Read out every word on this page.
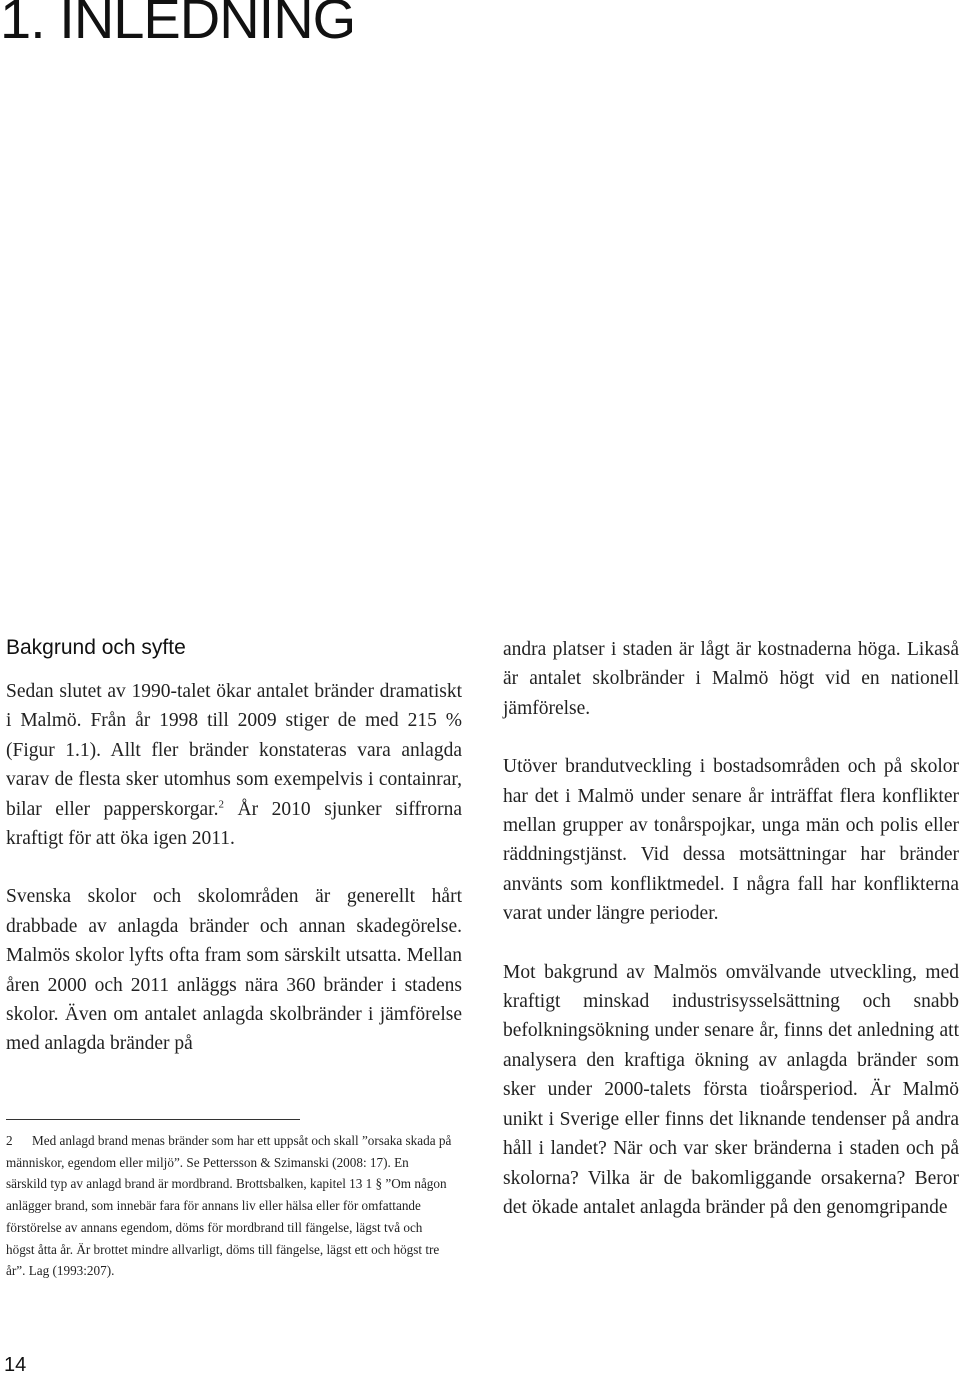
1. INLEDNING
Bakgrund och syfte

Sedan slutet av 1990-talet ökar antalet bränder dramatiskt i Malmö. Från år 1998 till 2009 stiger de med 215 % (Figur 1.1). Allt fler bränder konstateras vara anlagda varav de flesta sker utomhus som exempelvis i containrar, bilar eller papperskorgar.$^2$ År 2010 sjunker siffrorna kraftigt för att öka igen 2011.

Svenska skolor och skolområden är generellt hårt drabbade av anlagda bränder och annan skadegörelse. Malmös skolor lyfts ofta fram som särskilt utsatta. Mellan åren 2000 och 2011 anläggs nära 360 bränder i stadens skolor. Även om antalet anlagda skolbränder i jämförelse med anlagda bränder på

2 Med anlagd brand menas bränder som har ett uppsåt och skall ”orsaka skada på människor, egendom eller miljö”. Se Pettersson & Szimanski (2008: 17). En särskild typ av anlagd brand är mordbrand. Brottsbalken, kapitel 13 1 § ”Om någon anlägger brand, som innebär fara för annans liv eller hälsa eller för omfattande förstörelse av annans egendom, döms för mordbrand till fängelse, lägst två och högst åtta år. Är brottet mindre allvarligt, döms till fängelse, lägst ett och högst tre år”. Lag (1993:207).

andra platser i staden är lågt är kostnaderna höga. Likaså är antalet skolbränder i Malmö högt vid en nationell jämförelse.

Utöver brandutveckling i bostadsområden och på skolor har det i Malmö under senare år inträffat flera konflikter mellan grupper av tonårspojkar, unga män och polis eller räddningstjänst. Vid dessa motsättningar har bränder använts som konfliktmedel. I några fall har konflikterna varat under längre perioder.

Mot bakgrund av Malmös omvälvande utveckling, med kraftigt minskad industrisysselsättning och snabb befolkningsökning under senare år, finns det anledning att analysera den kraftiga ökning av anlagda bränder som sker under 2000-talets första tioårsperiod. Är Malmö unikt i Sverige eller finns det liknande tendenser på andra håll i landet? När och var sker bränderna i staden och på skolorna? Vilka är de bakomliggande orsakerna? Beror det ökade antalet anlagda bränder på den genomgripande

14
